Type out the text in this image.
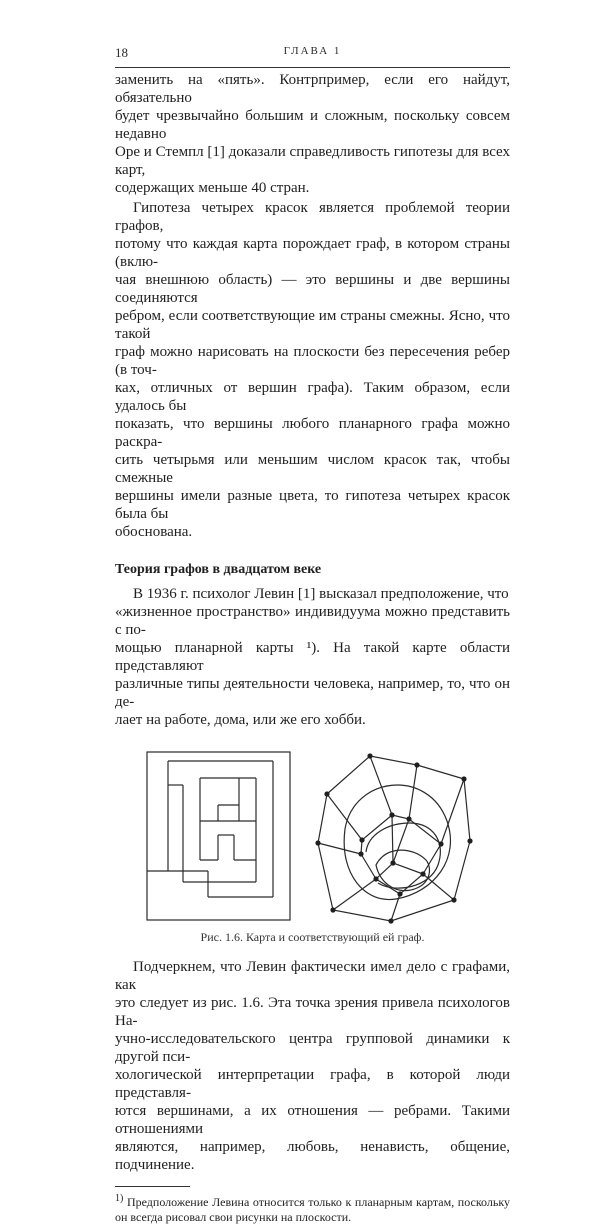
18	ГЛАВА 1

заменить на «пять». Контрпример, если его найдут, обязательно
будет чрезвычайно большим и сложным, поскольку совсем недавно
Оре и Стемпл [1] доказали справедливость гипотезы для всех карт,
содержащих меньше 40 стран.

Гипотеза четырех красок является проблемой теории графов,
потому что каждая карта порождает граф, в котором страны (вклю-
чая внешнюю область) — это вершины и две вершины соединяются
ребром, если соответствующие им страны смежны. Ясно, что такой
граф можно нарисовать на плоскости без пересечения ребер (в точ-
ках, отличных от вершин графа). Таким образом, если удалось бы
показать, что вершины любого планарного графа можно раскра-
сить четырьмя или меньшим числом красок так, чтобы смежные
вершины имели разные цвета, то гипотеза четырех красок была бы
обоснована.

Теория графов в двадцатом веке

В 1936 г. психолог Левин [1] высказал предположение, что
«жизненное пространство» индивидуума можно представить с по-
мощью планарной карты ¹). На такой карте области представляют
различные типы деятельности человека, например, то, что он де-
лает на работе, дома, или же его хобби.

Рис. 1.6. Карта и соответствующий ей граф.

Подчеркнем, что Левин фактически имел дело с графами, как
это следует из рис. 1.6. Эта точка зрения привела психологов На-
учно-исследовательского центра групповой динамики к другой пси-
хологической интерпретации графа, в которой люди представля-
ются вершинами, а их отношения — ребрами. Такими отношениями
являются, например, любовь, ненависть, общение, подчинение.

$^{1)}$ Предположение Левина относится только к планарным картам, поскольку он всегда рисовал свои рисунки на плоскости.
